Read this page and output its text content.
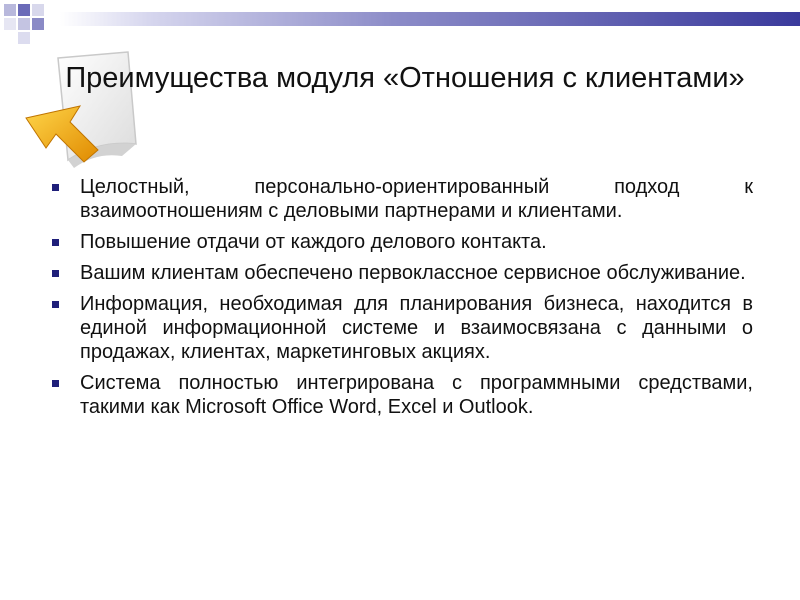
Преимущества модуля «Отношения с клиентами»
Целостный, персонально-ориентированный подход к взаимоотношениям с деловыми партнерами и клиентами.
Повышение отдачи от каждого делового контакта.
Вашим клиентам обеспечено первоклассное сервисное обслуживание.
Информация, необходимая для планирования бизнеса, находится в единой информационной системе и взаимосвязана с данными о продажах, клиентах, маркетинговых акциях.
Система полностью интегрирована с программными средствами, такими как Microsoft Office Word, Excel и Outlook.
